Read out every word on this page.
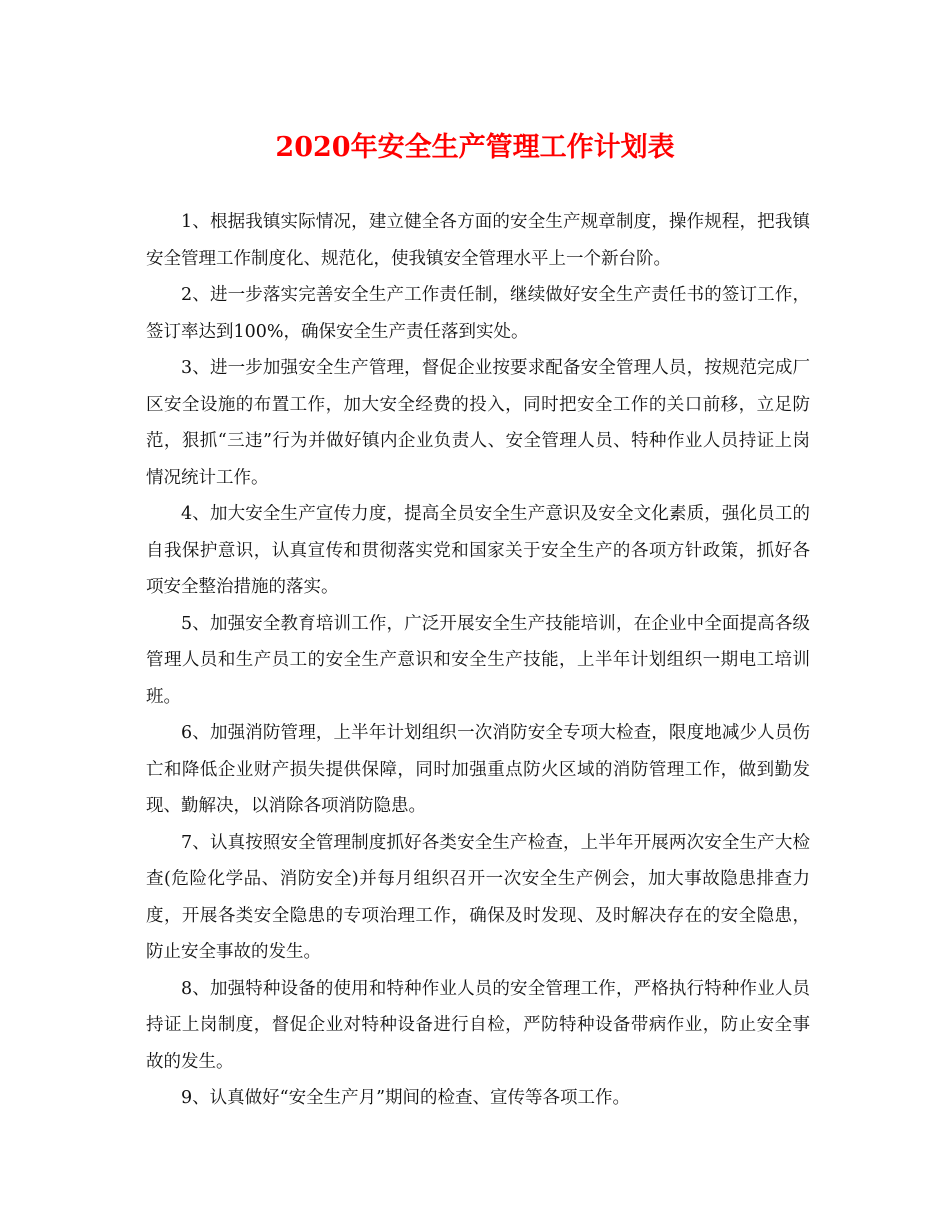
2020年安全生产管理工作计划表

1、根据我镇实际情况，建立健全各方面的安全生产规章制度，操作规程，把我镇安全管理工作制度化、规范化，使我镇安全管理水平上一个新台阶。

2、进一步落实完善安全生产工作责任制，继续做好安全生产责任书的签订工作，签订率达到100%，确保安全生产责任落到实处。

3、进一步加强安全生产管理，督促企业按要求配备安全管理人员，按规范完成厂区安全设施的布置工作，加大安全经费的投入，同时把安全工作的关口前移，立足防范，狠抓“三违”行为并做好镇内企业负责人、安全管理人员、特种作业人员持证上岗情况统计工作。

4、加大安全生产宣传力度，提高全员安全生产意识及安全文化素质，强化员工的自我保护意识，认真宣传和贯彻落实党和国家关于安全生产的各项方针政策，抓好各项安全整治措施的落实。

5、加强安全教育培训工作，广泛开展安全生产技能培训，在企业中全面提高各级管理人员和生产员工的安全生产意识和安全生产技能，上半年计划组织一期电工培训班。

6、加强消防管理，上半年计划组织一次消防安全专项大检查，限度地减少人员伤亡和降低企业财产损失提供保障，同时加强重点防火区域的消防管理工作，做到勤发现、勤解决，以消除各项消防隐患。

7、认真按照安全管理制度抓好各类安全生产检查，上半年开展两次安全生产大检查(危险化学品、消防安全)并每月组织召开一次安全生产例会，加大事故隐患排查力度，开展各类安全隐患的专项治理工作，确保及时发现、及时解决存在的安全隐患，防止安全事故的发生。

8、加强特种设备的使用和特种作业人员的安全管理工作，严格执行特种作业人员持证上岗制度，督促企业对特种设备进行自检，严防特种设备带病作业，防止安全事故的发生。

9、认真做好“安全生产月”期间的检查、宣传等各项工作。
